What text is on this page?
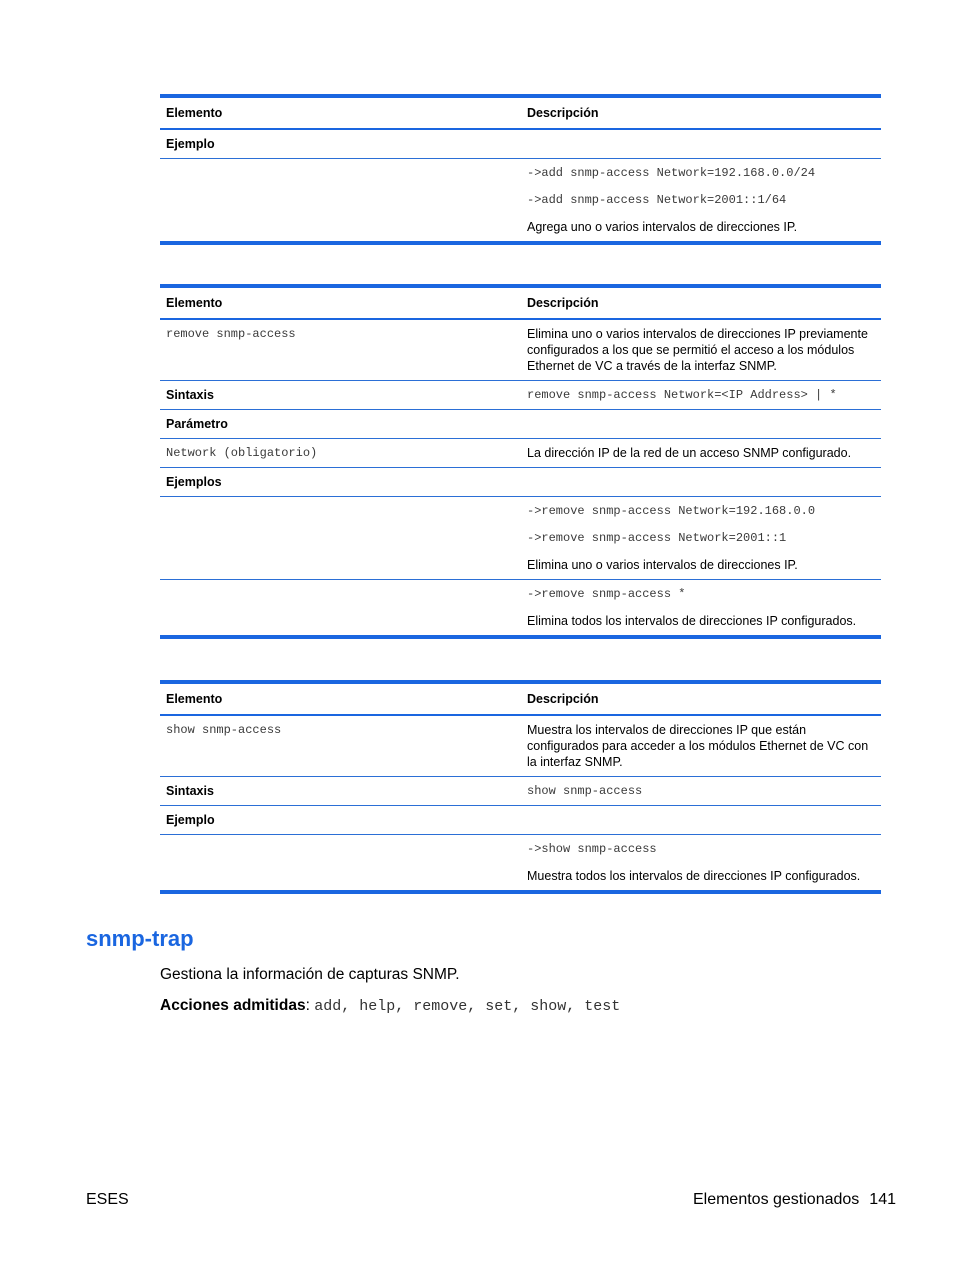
Elemento	Descripción
Ejemplo	

	->add snmp-access Network=192.168.0.0/24

->add snmp-access Network=2001::1/64

Agrega uno o varios intervalos de direcciones IP.

Elemento	Descripción
remove snmp-access	Elimina uno o varios intervalos de direcciones IP previamente configurados a los que se permitió el acceso a los módulos Ethernet de VC a través de la interfaz SNMP.
Sintaxis	remove snmp-access Network=<IP Address> | *
Parámetro	
Network (obligatorio)	La dirección IP de la red de un acceso SNMP configurado.
Ejemplos	

	->remove snmp-access Network=192.168.0.0

->remove snmp-access Network=2001::1

Elimina uno o varios intervalos de direcciones IP.

	->remove snmp-access *

Elimina todos los intervalos de direcciones IP configurados.

Elemento	Descripción
show snmp-access	Muestra los intervalos de direcciones IP que están configurados para acceder a los módulos Ethernet de VC con la interfaz SNMP.
Sintaxis	show snmp-access
Ejemplo	

	->show snmp-access

Muestra todos los intervalos de direcciones IP configurados.

snmp-trap

Gestiona la información de capturas SNMP.

Acciones admitidas: add, help, remove, set, show, test

ESES	Elementos gestionados 141
